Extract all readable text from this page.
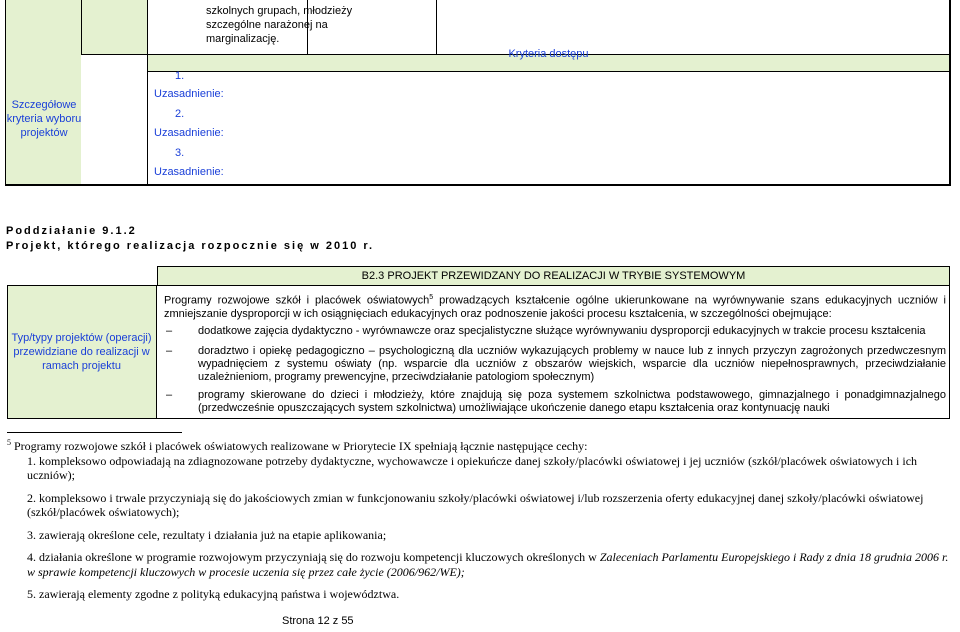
szkolnych grupach, młodzieży szczególne narażonej na marginalizację.
Kryteria dostępu
Szczegółowe kryteria wyboru projektów
1.
Uzasadnienie:
2.
Uzasadnienie:
3.
Uzasadnienie:

Poddziałanie 9.1.2

Projekt, którego realizacja rozpocznie się w 2010 r.

B2.3 PROJEKT PRZEWIDZANY DO REALIZACJI W TRYBIE SYSTEMOWYM
Typ/typy projektów (operacji) przewidziane do realizacji w ramach projektu
Programy rozwojowe szkół i placówek oświatowych$^5$ prowadzących kształcenie ogólne ukierunkowane na wyrównywanie szans edukacyjnych uczniów i zmniejszanie dysproporcji w ich osiągnięciach edukacyjnych oraz podnoszenie jakości procesu kształcenia, w szczególności obejmujące:
– dodatkowe zajęcia dydaktyczno - wyrównawcze oraz specjalistyczne służące wyrównywaniu dysproporcji edukacyjnych w trakcie procesu kształcenia
– doradztwo i opiekę pedagogiczno – psychologiczną dla uczniów wykazujących problemy w nauce lub z innych przyczyn zagrożonych przedwczesnym wypadnięciem z systemu oświaty (np. wsparcie dla uczniów z obszarów wiejskich, wsparcie dla uczniów niepełnosprawnych, przeciwdziałanie uzależnieniom, programy prewencyjne, przeciwdziałanie patologiom społecznym)
– programy skierowane do dzieci i młodzieży, które znajdują się poza systemem szkolnictwa podstawowego, gimnazjalnego i ponadgimnazjalnego (przedwcześnie opuszczających system szkolnictwa) umożliwiające ukończenie danego etapu kształcenia oraz kontynuację nauki

$^5$ Programy rozwojowe szkół i placówek oświatowych realizowane w Priorytecie IX spełniają łącznie następujące cechy:

1. kompleksowo odpowiadają na zdiagnozowane potrzeby dydaktyczne, wychowawcze i opiekuńcze danej szkoły/placówki oświatowej i jej uczniów (szkół/placówek oświatowych i ich uczniów);

2. kompleksowo i trwale przyczyniają się do jakościowych zmian w funkcjonowaniu szkoły/placówki oświatowej i/lub rozszerzenia oferty edukacyjnej danej szkoły/placówki oświatowej (szkół/placówek oświatowych);

3. zawierają określone cele, rezultaty i działania już na etapie aplikowania;

4. działania określone w programie rozwojowym przyczyniają się do rozwoju kompetencji kluczowych określonych w Zaleceniach Parlamentu Europejskiego i Rady z dnia 18 grudnia 2006 r. w sprawie kompetencji kluczowych w procesie uczenia się przez całe życie (2006/962/WE);

5. zawierają elementy zgodne z polityką edukacyjną państwa i województwa.

Strona 12 z 55
